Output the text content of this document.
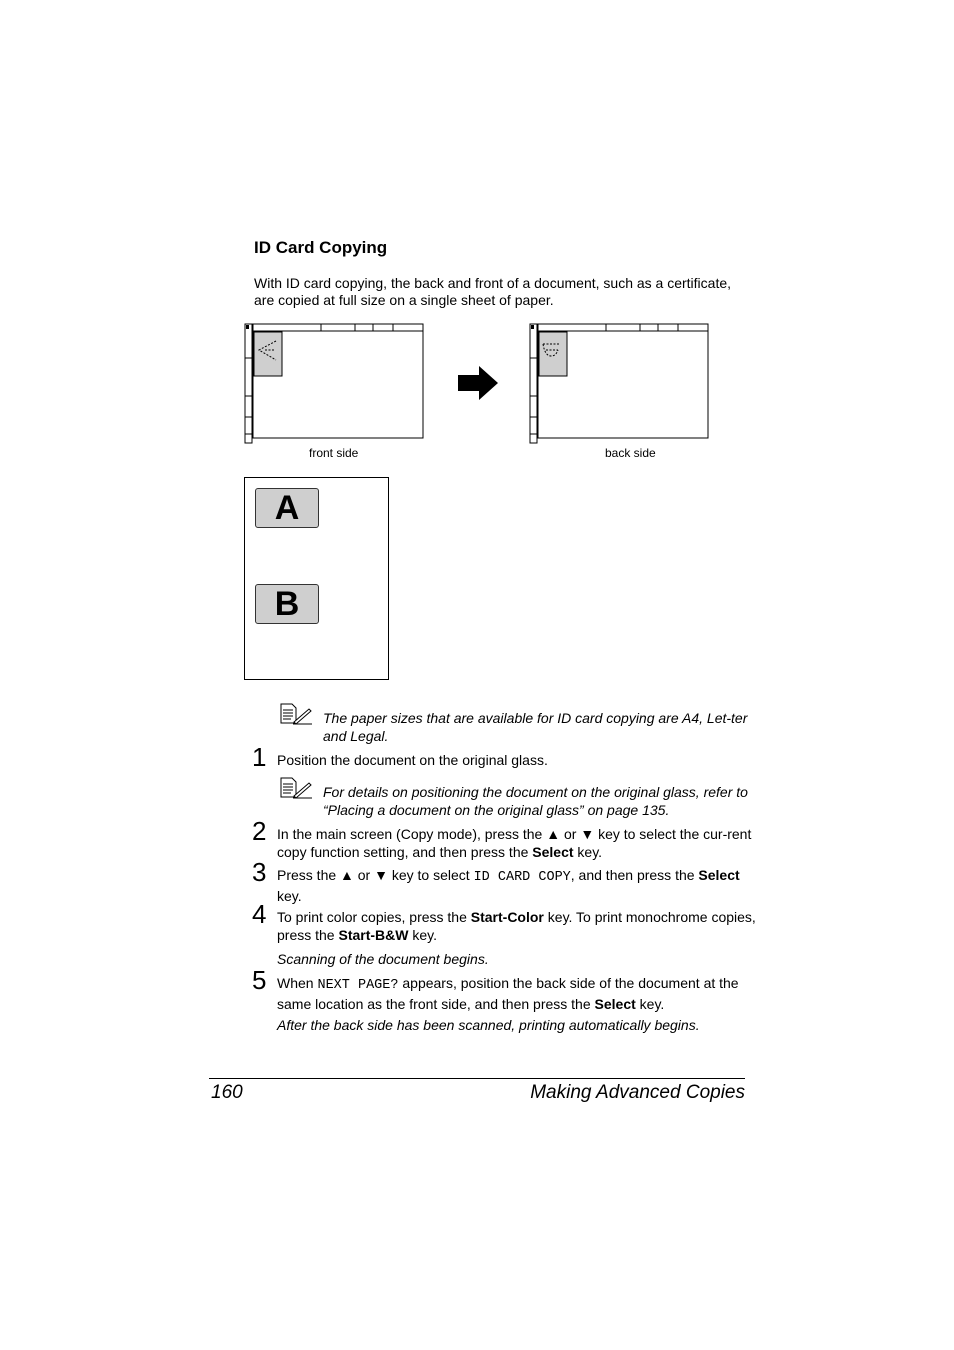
ID Card Copying
With ID card copying, the back and front of a document, such as a certificate, are copied at full size on a single sheet of paper.
front side	back side
A
B
The paper sizes that are available for ID card copying are A4, Let-ter and Legal.
1 Position the document on the original glass.
For details on positioning the document on the original glass, refer to “Placing a document on the original glass” on page 135.
2 In the main screen (Copy mode), press the ▲ or ▼ key to select the cur-rent copy function setting, and then press the Select key.
3 Press the ▲ or ▼ key to select ID CARD COPY, and then press the Select key.
4 To print color copies, press the Start-Color key. To print monochrome copies, press the Start-B&W key.
Scanning of the document begins.
5 When NEXT PAGE? appears, position the back side of the document at the same location as the front side, and then press the Select key.
After the back side has been scanned, printing automatically begins.
160	Making Advanced Copies
